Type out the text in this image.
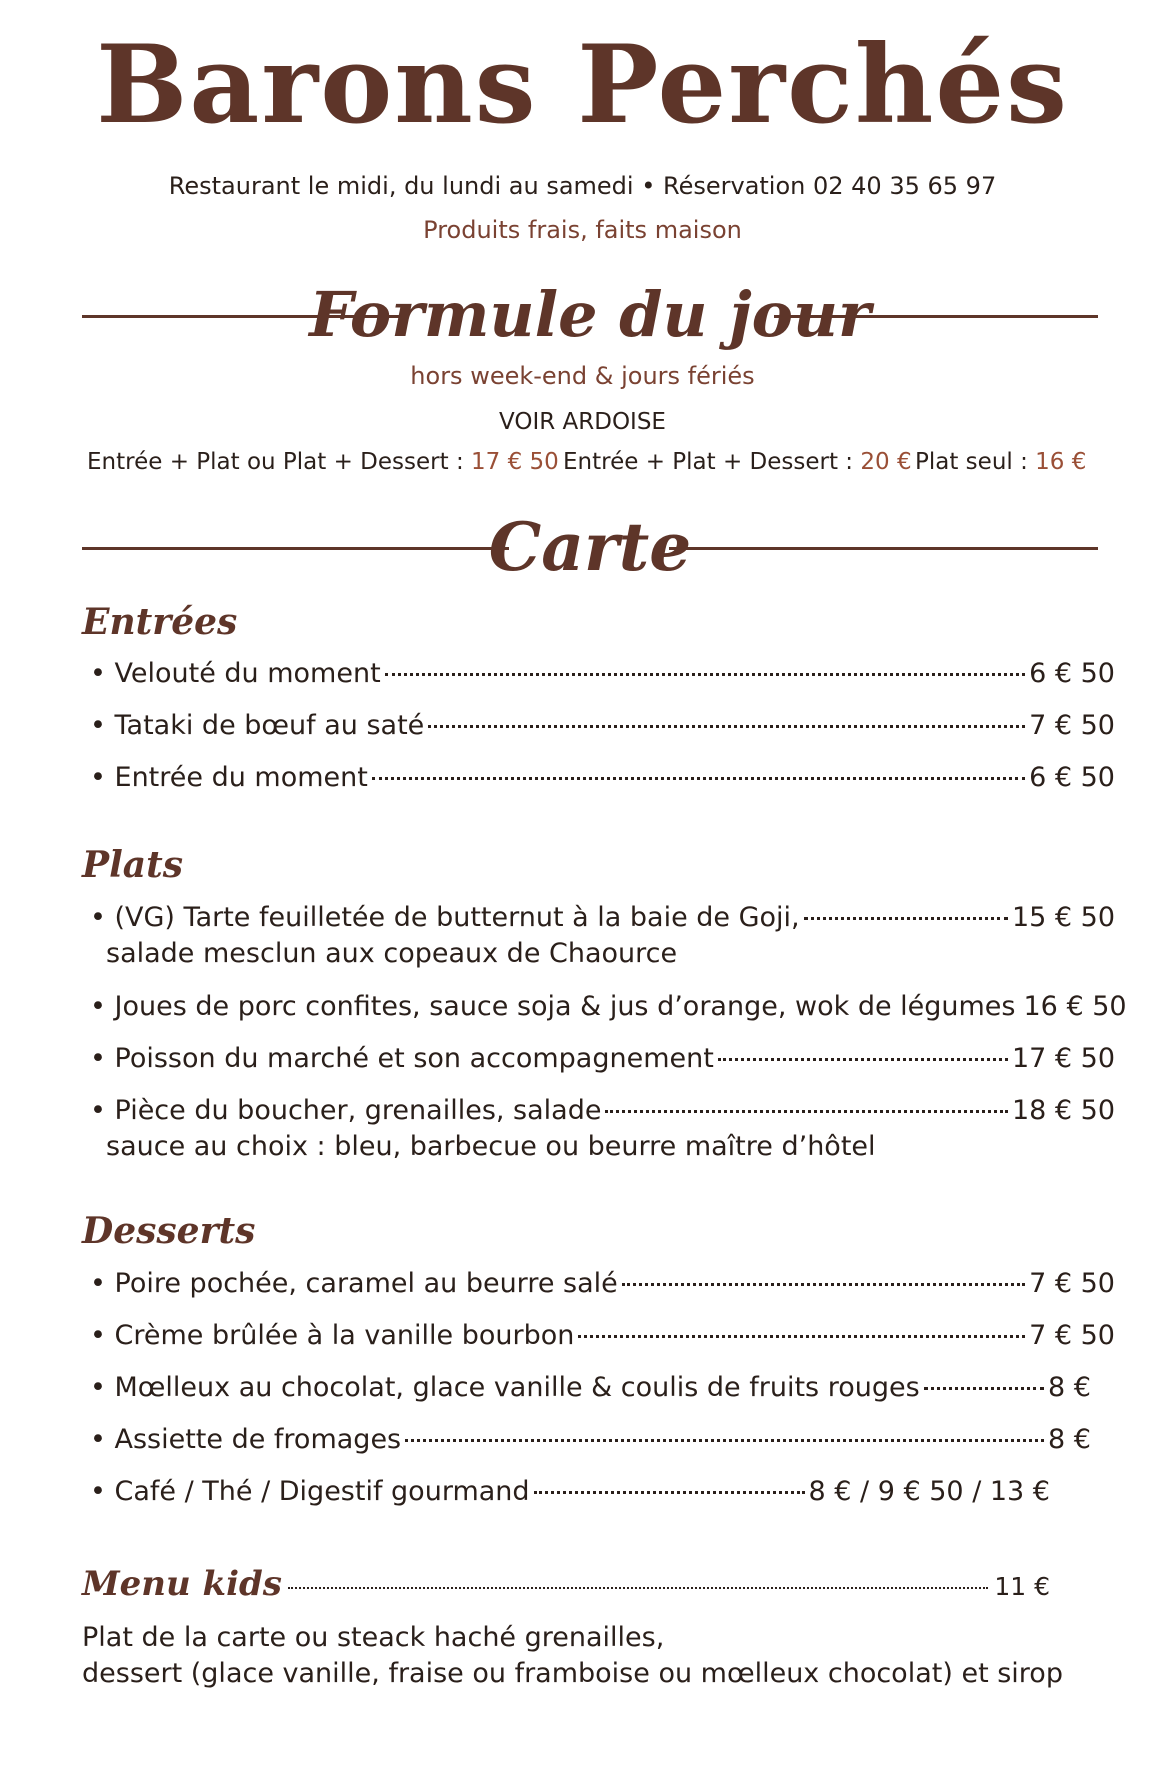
Barons Perchés
Restaurant le midi, du lundi au samedi • Réservation 02 40 35 65 97
Produits frais, faits maison
Formule du jour
hors week-end & jours fériés
VOIR ARDOISE
Entrée + Plat ou Plat + Dessert : 17 € 50 Entrée + Plat + Dessert : 20 € Plat seul : 16 €
Carte
Entrées
• Velouté du moment	6 € 50
• Tataki de bœuf au saté	7 € 50
• Entrée du moment	6 € 50
Plats
• (VG) Tarte feuilletée de butternut à la baie de Goji,	15 € 50
salade mesclun aux copeaux de Chaource
• Joues de porc confites, sauce soja & jus d’orange, wok de légumes 16 € 50
• Poisson du marché et son accompagnement	17 € 50
• Pièce du boucher, grenailles, salade	18 € 50
sauce au choix : bleu, barbecue ou beurre maître d’hôtel
Desserts
• Poire pochée, caramel au beurre salé	7 € 50
• Crème brûlée à la vanille bourbon	7 € 50
• Mœlleux au chocolat, glace vanille & coulis de fruits rouges	8 €
• Assiette de fromages	8 €
• Café / Thé / Digestif gourmand	8 € / 9 € 50 / 13 €
Menu kids	11 €
Plat de la carte ou steack haché grenailles,
dessert (glace vanille, fraise ou framboise ou mœlleux chocolat) et sirop
